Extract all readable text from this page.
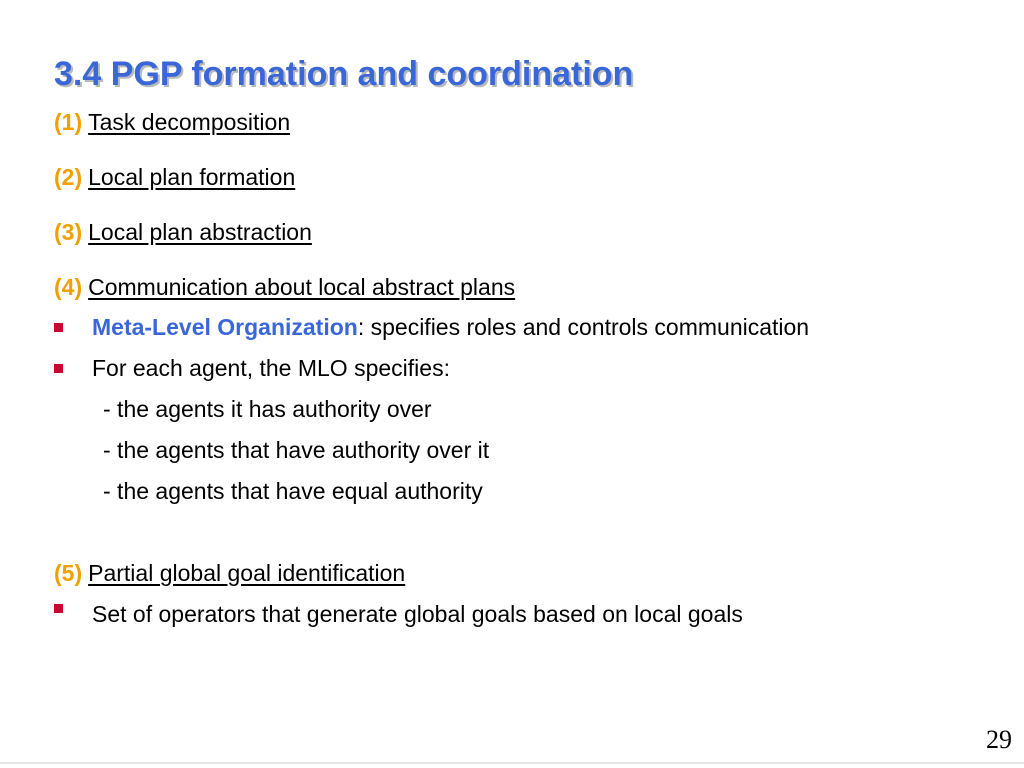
3.4 PGP formation and coordination
(1) Task decomposition
(2) Local plan formation
(3) Local plan abstraction
(4) Communication about local abstract plans
Meta-Level Organization: specifies roles and controls communication
For each agent, the MLO specifies:
- the agents it has authority over
- the agents that have authority over it
- the agents that have equal authority
(5) Partial global goal identification
Set of operators that generate global goals based on local goals
29
